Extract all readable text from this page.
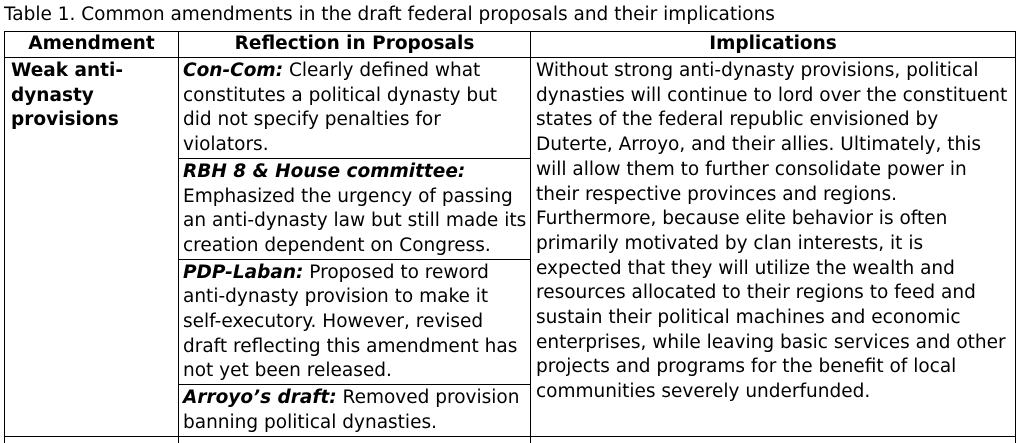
Table 1. Common amendments in the draft federal proposals and their implications
Amendment	Reflection in Proposals	Implications
Weak anti-dynasty provisions	Con-Com: Clearly defined what constitutes a political dynasty but did not specify penalties for violators.	Without strong anti-dynasty provisions, political dynasties will continue to lord over the constituent states of the federal republic envisioned by Duterte, Arroyo, and their allies. Ultimately, this will allow them to further consolidate power in their respective provinces and regions. Furthermore, because elite behavior is often primarily motivated by clan interests, it is expected that they will utilize the wealth and resources allocated to their regions to feed and sustain their political machines and economic enterprises, while leaving basic services and other projects and programs for the benefit of local communities severely underfunded.
	RBH 8 & House committee: Emphasized the urgency of passing an anti-dynasty law but still made its creation dependent on Congress.	
	PDP-Laban: Proposed to reword anti-dynasty provision to make it self-executory. However, revised draft reflecting this amendment has not yet been released.	
	Arroyo’s draft: Removed provision banning political dynasties.	
